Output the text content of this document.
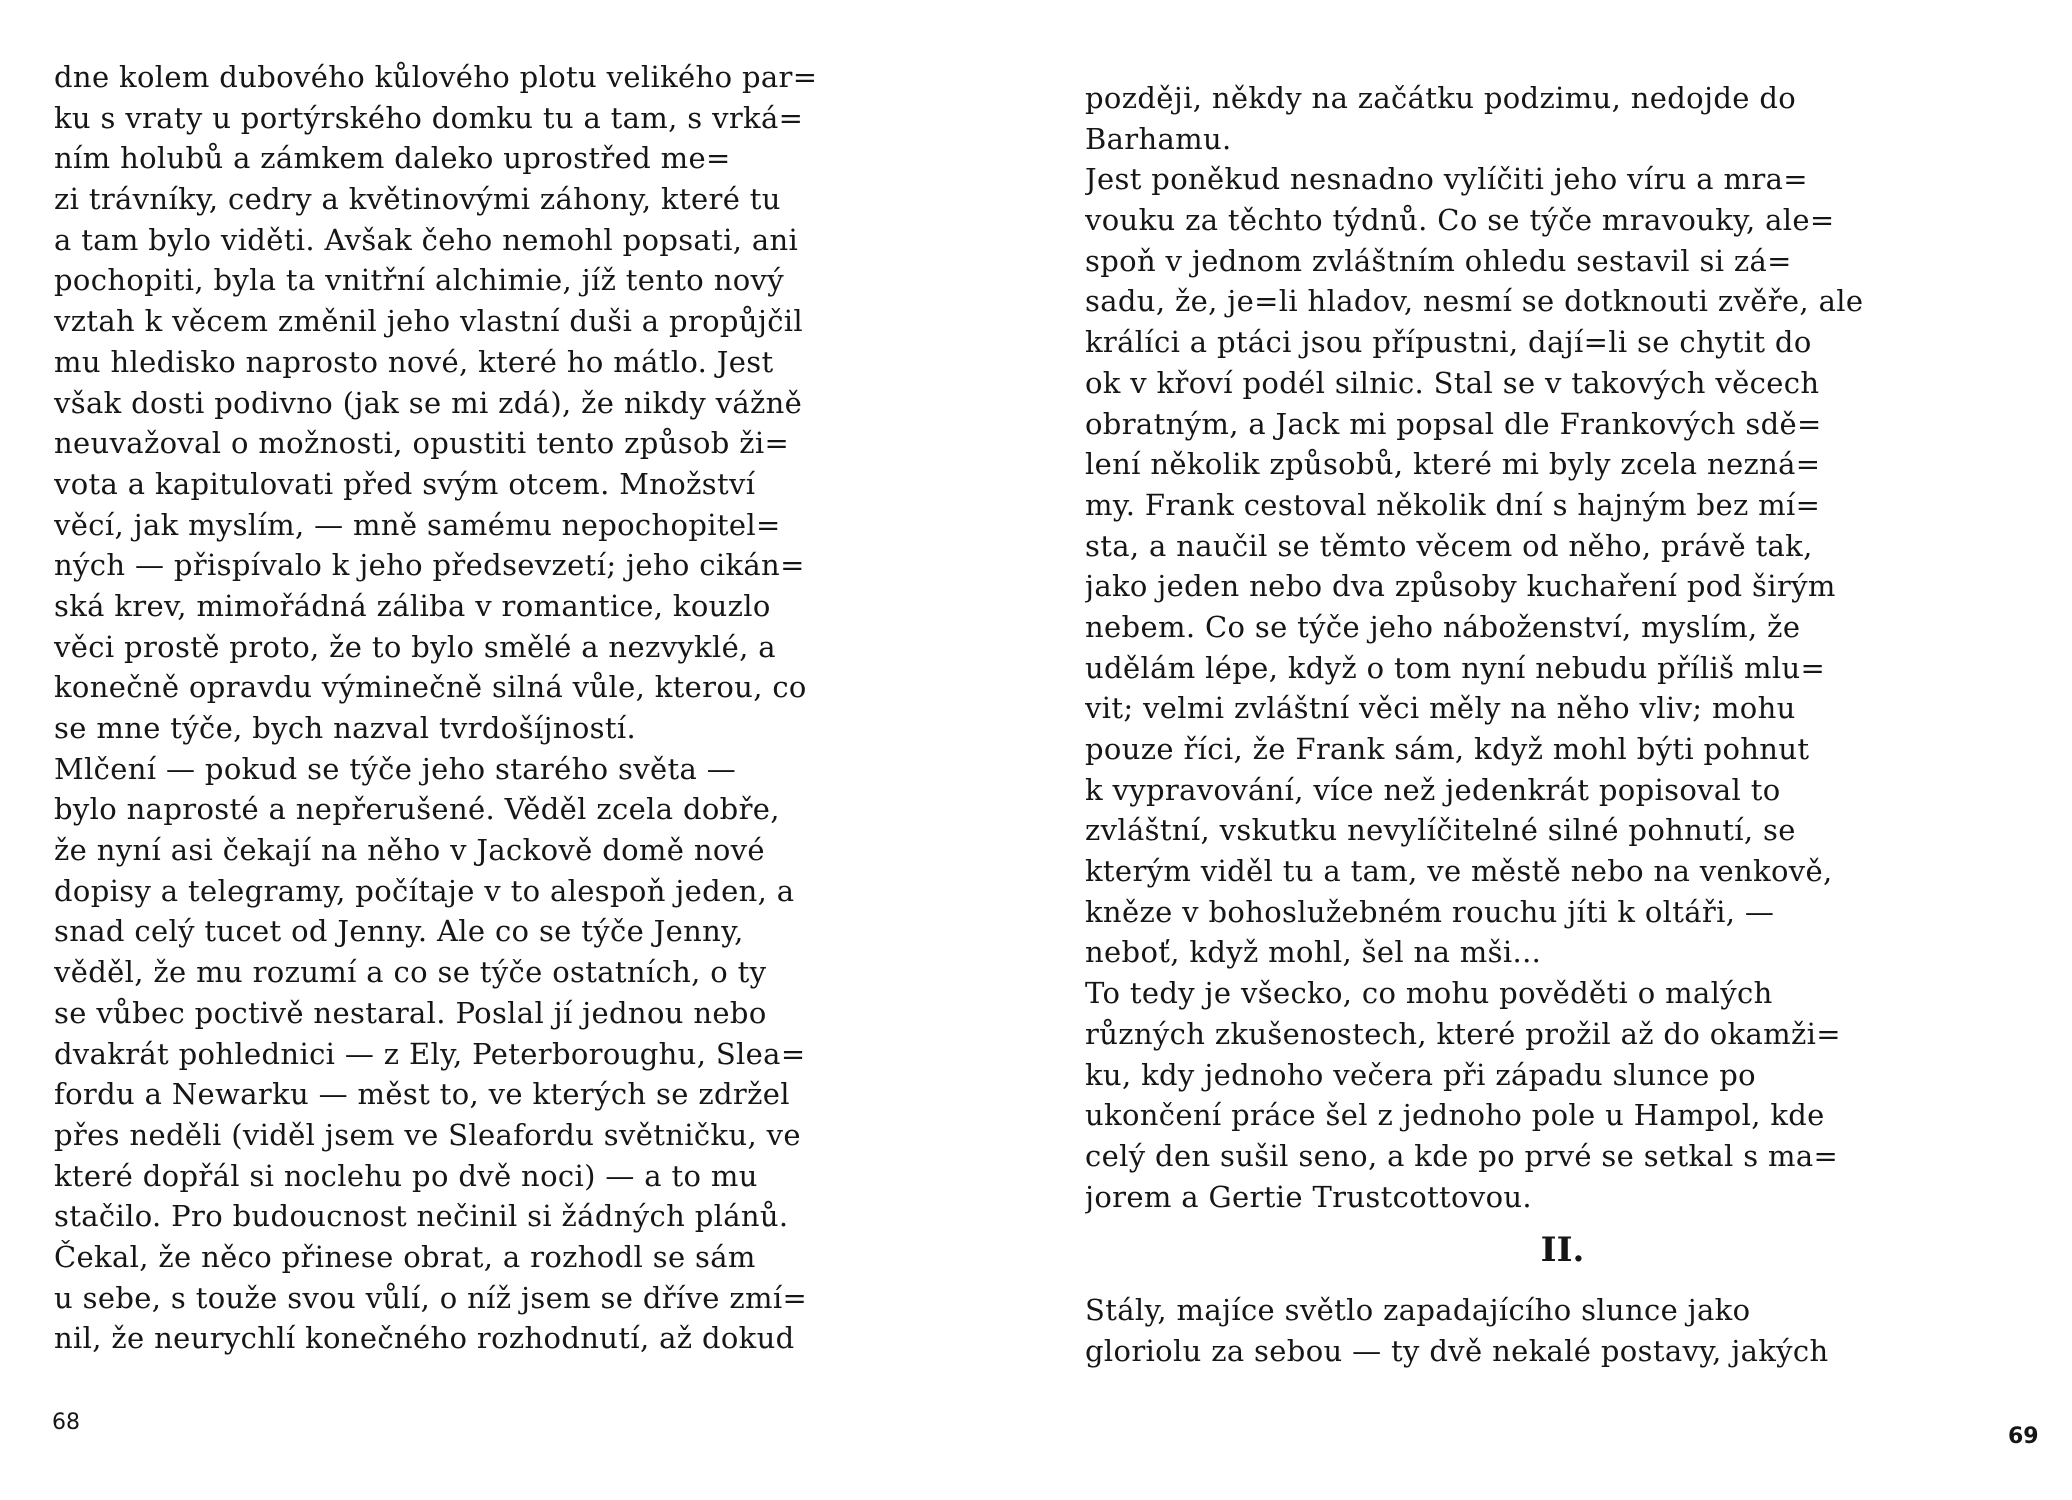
dne kolem dubového kůlového plotu velikého par=
ku s vraty u portýrského domku tu a tam, s vrká=
ním holubů a zámkem daleko uprostřed me=
zi trávníky, cedry a květinovými záhony, které tu
a tam bylo viděti. Avšak čeho nemohl popsati, ani
pochopiti, byla ta vnitřní alchimie, jíž tento nový
vztah k věcem změnil jeho vlastní duši a propůjčil
mu hledisko naprosto nové, které ho mátlo. Jest
však dosti podivno (jak se mi zdá), že nikdy vážně
neuvažoval o možnosti, opustiti tento způsob ži=
vota a kapitulovati před svým otcem. Množství
věcí, jak myslím, — mně samému nepochopitel=
ných — přispívalo k jeho předsevzetí; jeho cikán=
ská krev, mimořádná záliba v romantice, kouzlo
věci prostě proto, že to bylo smělé a nezvyklé, a
konečně opravdu výminečně silná vůle, kterou, co
se mne týče, bych nazval tvrdošíjností.
Mlčení — pokud se týče jeho starého světa —
bylo naprosté a nepřerušené. Věděl zcela dobře,
že nyní asi čekají na něho v Jackově domě nové
dopisy a telegramy, počítaje v to alespoň jeden, a
snad celý tucet od Jenny. Ale co se týče Jenny,
věděl, že mu rozumí a co se týče ostatních, o ty
se vůbec poctivě nestaral. Poslal jí jednou nebo
dvakrát pohlednici — z Ely, Peterboroughu, Slea=
fordu a Newarku — měst to, ve kterých se zdržel
přes neděli (viděl jsem ve Sleafordu světničku, ve
které dopřál si noclehu po dvě noci) — a to mu
stačilo. Pro budoucnost nečinil si žádných plánů.
Čekal, že něco přinese obrat, a rozhodl se sám
u sebe, s touže svou vůlí, o níž jsem se dříve zmí=
nil, že neurychlí konečného rozhodnutí, až dokud
68
později, někdy na začátku podzimu, nedojde do
Barhamu.
Jest poněkud nesnadno vylíčiti jeho víru a mra=
vouku za těchto týdnů. Co se týče mravouky, ale=
spoň v jednom zvláštním ohledu sestavil si zá=
sadu, že, je=li hladov, nesmí se dotknouti zvěře, ale
králíci a ptáci jsou přípustni, dají=li se chytit do
ok v křoví podél silnic. Stal se v takových věcech
obratným, a Jack mi popsal dle Frankových sdě=
lení několik způsobů, které mi byly zcela nezná=
my. Frank cestoval několik dní s hajným bez mí=
sta, a naučil se těmto věcem od něho, právě tak,
jako jeden nebo dva způsoby kuchaření pod širým
nebem. Co se týče jeho náboženství, myslím, že
udělám lépe, když o tom nyní nebudu příliš mlu=
vit; velmi zvláštní věci měly na něho vliv; mohu
pouze říci, že Frank sám, když mohl býti pohnut
k vypravování, více než jedenkrát popisoval to
zvláštní, vskutku nevylíčitelné silné pohnutí, se
kterým viděl tu a tam, ve městě nebo na venkově,
kněze v bohoslužebném rouchu jíti k oltáři, —
neboť, když mohl, šel na mši...
To tedy je všecko, co mohu pověděti o malých
různých zkušenostech, které prožil až do okamži=
ku, kdy jednoho večera při západu slunce po
ukončení práce šel z jednoho pole u Hampol, kde
celý den sušil seno, a kde po prvé se setkal s ma=
jorem a Gertie Trustcottovou.
II.
Stály, majíce světlo zapadajícího slunce jako
gloriolu za sebou — ty dvě nekalé postavy, jakých
69
